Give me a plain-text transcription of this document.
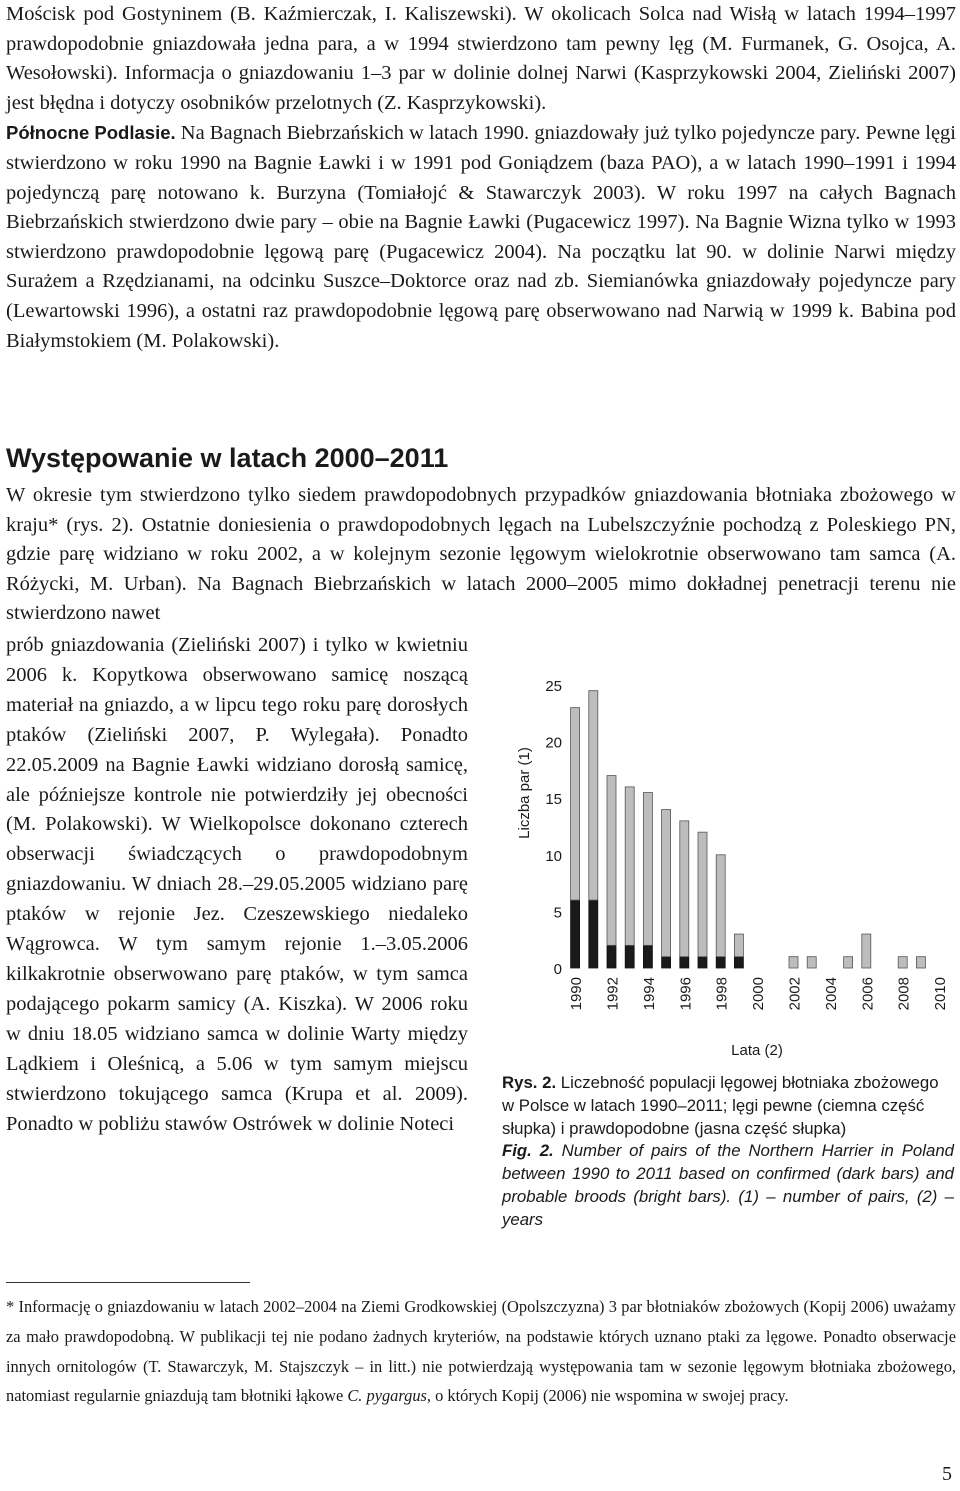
Mościsk pod Gostyninem (B. Kaźmierczak, I. Kaliszewski). W okolicach Solca nad Wisłą w latach 1994–1997 prawdopodobnie gniazdowała jedna para, a w 1994 stwierdzono tam pewny lęg (M. Furmanek, G. Osojca, A. Wesołowski). Informacja o gniazdowaniu 1–3 par w dolinie dolnej Narwi (Kasprzykowski 2004, Zieliński 2007) jest błędna i dotyczy osobników przelotnych (Z. Kasprzykowski).
Północne Podlasie. Na Bagnach Biebrzańskich w latach 1990. gniazdowały już tylko pojedyncze pary. Pewne lęgi stwierdzono w roku 1990 na Bagnie Ławki i w 1991 pod Goniądzem (baza PAO), a w latach 1990–1991 i 1994 pojedynczą parę notowano k. Burzyna (Tomiałojć & Stawarczyk 2003). W roku 1997 na całych Bagnach Biebrzańskich stwierdzono dwie pary – obie na Bagnie Ławki (Pugacewicz 1997). Na Bagnie Wizna tylko w 1993 stwierdzono prawdopodobnie lęgową parę (Pugacewicz 2004). Na początku lat 90. w dolinie Narwi między Surażem a Rzędzianami, na odcinku Suszce–Doktorce oraz nad zb. Siemianówka gniazdowały pojedyncze pary (Lewartowski 1996), a ostatni raz prawdopodobnie lęgową parę obserwowano nad Narwią w 1999 k. Babina pod Białymstokiem (M. Polakowski).

Występowanie w latach 2000–2011

W okresie tym stwierdzono tylko siedem prawdopodobnych przypadków gniazdowania błotniaka zbożowego w kraju* (rys. 2). Ostatnie doniesienia o prawdopodobnych lęgach na Lubelszczyźnie pochodzą z Poleskiego PN, gdzie parę widziano w roku 2002, a w kolejnym sezonie lęgowym wielokrotnie obserwowano tam samca (A. Różycki, M. Urban). Na Bagnach Biebrzańskich w latach 2000–2005 mimo dokładnej penetracji terenu nie stwierdzono nawet

prób gniazdowania (Zieliński 2007) i tylko w kwietniu 2006 k. Kopytkowa obserwowano samicę noszącą materiał na gniazdo, a w lipcu tego roku parę dorosłych ptaków (Zieliński 2007, P. Wylegała). Ponadto 22.05.2009 na Bagnie Ławki widziano dorosłą samicę, ale późniejsze kontrole nie potwierdziły jej obecności (M. Polakowski). W Wielkopolsce dokonano czterech obserwacji świadczących o prawdopodobnym gniazdowaniu. W dniach 28.–29.05.2005 widziano parę ptaków w rejonie Jez. Czeszewskiego niedaleko Wągrowca. W tym samym rejonie 1.–3.05.2006 kilkakrotnie obserwowano parę ptaków, w tym samca podającego pokarm samicy (A. Kiszka). W 2006 roku w dniu 18.05 widziano samca w dolinie Warty między Lądkiem i Oleśnicą, a 5.06 w tym samym miejscu stwierdzono tokującego samca (Krupa et al. 2009). Ponadto w pobliżu stawów Ostrówek w dolinie Noteci

0
5
10
15
20
25
1990 1992 1994 1996 1998 2000 2002 2004 2006 2008 2010
Liczba par (1)
Lata (2)

Rys. 2. Liczebność populacji lęgowej błotniaka zbożowego w Polsce w latach 1990–2011; lęgi pewne (ciemna część słupka) i prawdopodobne (jasna część słupka)

Fig. 2. Number of pairs of the Northern Harrier in Poland between 1990 to 2011 based on confirmed (dark bars) and probable broods (bright bars). (1) – number of pairs, (2) – years

* Informację o gniazdowaniu w latach 2002–2004 na Ziemi Grodkowskiej (Opolszczyzna) 3 par błotniaków zbożowych (Kopij 2006) uważamy za mało prawdopodobną. W publikacji tej nie podano żadnych kryteriów, na podstawie których uznano ptaki za lęgowe. Ponadto obserwacje innych ornitologów (T. Stawarczyk, M. Stajszczyk – in litt.) nie potwierdzają występowania tam w sezonie lęgowym błotniaka zbożowego, natomiast regularnie gniazdują tam błotniki łąkowe C. pygargus, o których Kopij (2006) nie wspomina w swojej pracy.

5
